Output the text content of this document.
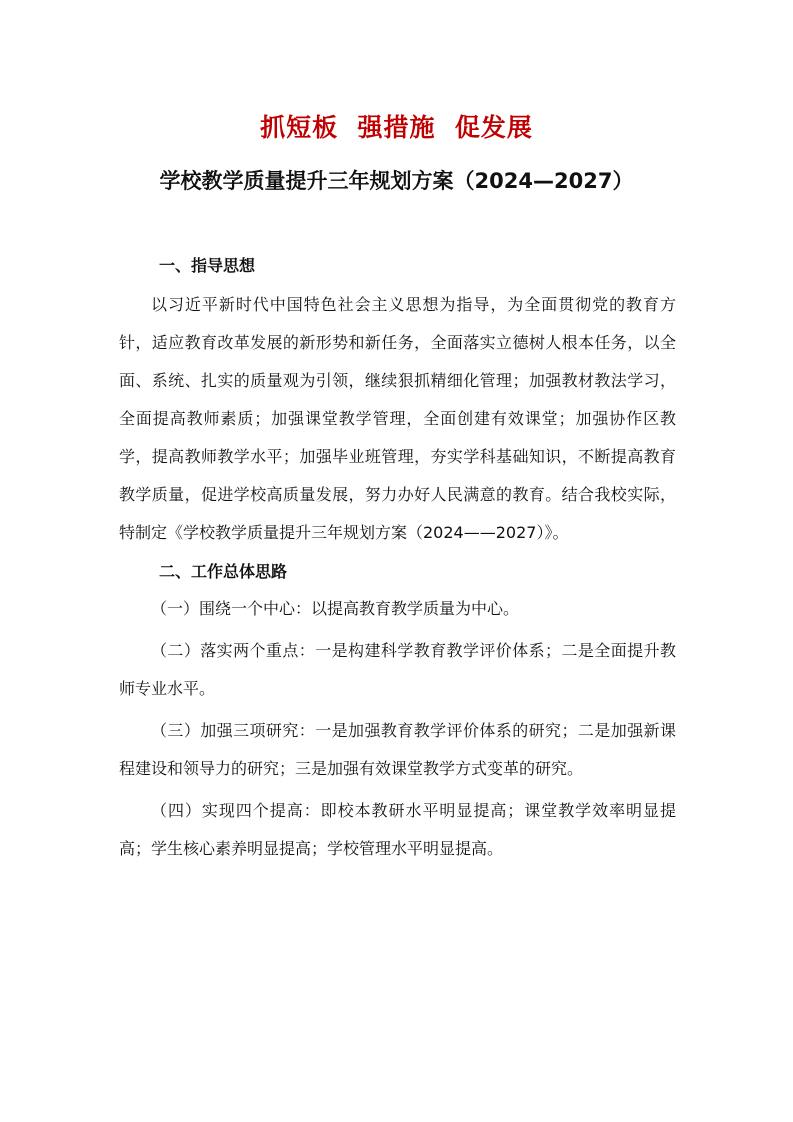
抓短板  强措施  促发展
学校教学质量提升三年规划方案（2024—2027）
一、指导思想

以习近平新时代中国特色社会主义思想为指导，为全面贯彻党的教育方针，适应教育改革发展的新形势和新任务，全面落实立德树人根本任务，以全面、系统、扎实的质量观为引领，继续狠抓精细化管理；加强教材教法学习，全面提高教师素质；加强课堂教学管理，全面创建有效课堂；加强协作区教学，提高教师教学水平；加强毕业班管理，夯实学科基础知识，不断提高教育教学质量，促进学校高质量发展，努力办好人民满意的教育。结合我校实际，特制定《学校教学质量提升三年规划方案（2024——2027）》。

二、工作总体思路

（一）围绕一个中心：以提高教育教学质量为中心。

（二）落实两个重点：一是构建科学教育教学评价体系；二是全面提升教师专业水平。

（三）加强三项研究：一是加强教育教学评价体系的研究；二是加强新课程建设和领导力的研究；三是加强有效课堂教学方式变革的研究。

（四）实现四个提高：即校本教研水平明显提高；课堂教学效率明显提高；学生核心素养明显提高；学校管理水平明显提高。
